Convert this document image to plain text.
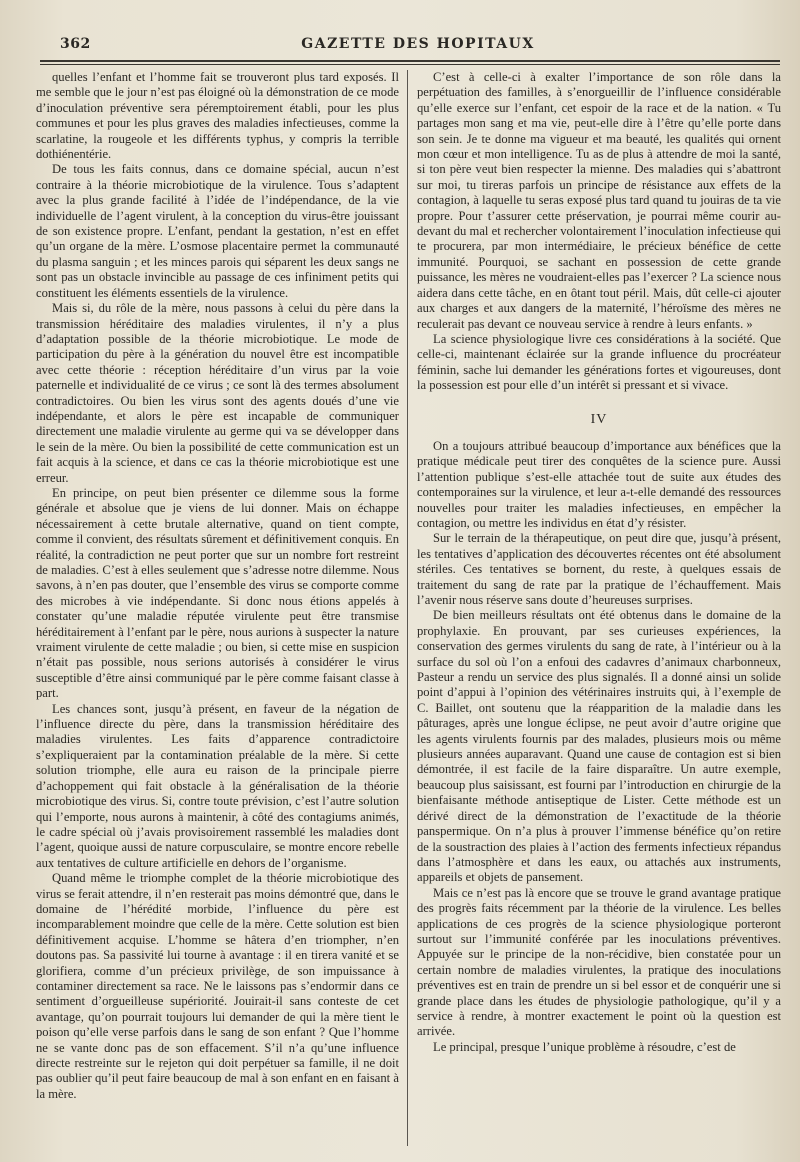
362	GAZETTE DES HOPITAUX

quelles l’enfant et l’homme fait se trouveront plus tard exposés. Il me semble que le jour n’est pas éloigné où la démonstration de ce mode d’inoculation préventive sera péremptoirement établi, pour les plus communes et pour les plus graves des maladies infectieuses, comme la scarlatine, la rougeole et les différents typhus, y compris la terrible dothiénentérie.

De tous les faits connus, dans ce domaine spécial, aucun n’est contraire à la théorie microbiotique de la virulence. Tous s’adaptent avec la plus grande facilité à l’idée de l’indépendance, de la vie individuelle de l’agent virulent, à la conception du virus-être jouissant de son existence propre. L’enfant, pendant la gestation, n’est en effet qu’un organe de la mère. L’osmose placentaire permet la communauté du plasma sanguin ; et les minces parois qui séparent les deux sangs ne sont pas un obstacle invincible au passage de ces infiniment petits qui constituent les éléments essentiels de la virulence.

Mais si, du rôle de la mère, nous passons à celui du père dans la transmission héréditaire des maladies virulentes, il n’y a plus d’adaptation possible de la théorie microbiotique. Le mode de participation du père à la génération du nouvel être est incompatible avec cette théorie : réception héréditaire d’un virus par la voie paternelle et individualité de ce virus ; ce sont là des termes absolument contradictoires. Ou bien les virus sont des agents doués d’une vie indépendante, et alors le père est incapable de communiquer directement une maladie virulente au germe qui va se développer dans le sein de la mère. Ou bien la possibilité de cette communication est un fait acquis à la science, et dans ce cas la théorie microbiotique est une erreur.

En principe, on peut bien présenter ce dilemme sous la forme générale et absolue que je viens de lui donner. Mais on échappe nécessairement à cette brutale alternative, quand on tient compte, comme il convient, des résultats sûrement et définitivement conquis. En réalité, la contradiction ne peut porter que sur un nombre fort restreint de maladies. C’est à elles seulement que s’adresse notre dilemme. Nous savons, à n’en pas douter, que l’ensemble des virus se comporte comme des microbes à vie indépendante. Si donc nous étions appelés à constater qu’une maladie réputée virulente peut être transmise héréditairement à l’enfant par le père, nous aurions à suspecter la nature vraiment virulente de cette maladie ; ou bien, si cette mise en suspicion n’était pas possible, nous serions autorisés à considérer le virus susceptible d’être ainsi communiqué par le père comme faisant classe à part.

Les chances sont, jusqu’à présent, en faveur de la négation de l’influence directe du père, dans la transmission héréditaire des maladies virulentes. Les faits d’apparence contradictoire s’expliqueraient par la contamination préalable de la mère. Si cette solution triomphe, elle aura eu raison de la principale pierre d’achoppement qui fait obstacle à la généralisation de la théorie microbiotique des virus. Si, contre toute prévision, c’est l’autre solution qui l’emporte, nous aurons à maintenir, à côté des contagiums animés, le cadre spécial où j’avais provisoirement rassemblé les maladies dont l’agent, quoique aussi de nature corpusculaire, se montre encore rebelle aux tentatives de culture artificielle en dehors de l’organisme.

Quand même le triomphe complet de la théorie microbiotique des virus se ferait attendre, il n’en resterait pas moins démontré que, dans le domaine de l’hérédité morbide, l’influence du père est incomparablement moindre que celle de la mère. Cette solution est bien définitivement acquise. L’homme se hâtera d’en triompher, n’en doutons pas. Sa passivité lui tourne à avantage : il en tirera vanité et se glorifiera, comme d’un précieux privilège, de son impuissance à contaminer directement sa race. Ne le laissons pas s’endormir dans ce sentiment d’orgueilleuse supériorité. Jouirait-il sans conteste de cet avantage, qu’on pourrait toujours lui demander de qui la mère tient le poison qu’elle verse parfois dans le sang de son enfant ? Que l’homme ne se vante donc pas de son effacement. S’il n’a qu’une influence directe restreinte sur le rejeton qui doit perpétuer sa famille, il ne doit pas oublier qu’il peut faire beaucoup de mal à son enfant en en faisant à la mère.

C’est à celle-ci à exalter l’importance de son rôle dans la perpétuation des familles, à s’enorgueillir de l’influence considérable qu’elle exerce sur l’enfant, cet espoir de la race et de la nation. « Tu partages mon sang et ma vie, peut-elle dire à l’être qu’elle porte dans son sein. Je te donne ma vigueur et ma beauté, les qualités qui ornent mon cœur et mon intelligence. Tu as de plus à attendre de moi la santé, si ton père veut bien respecter la mienne. Des maladies qui s’abattront sur moi, tu tireras parfois un principe de résistance aux effets de la contagion, à laquelle tu seras exposé plus tard quand tu jouiras de ta vie propre. Pour t’assurer cette préservation, je pourrai même courir au-devant du mal et rechercher volontairement l’inoculation infectieuse qui te procurera, par mon intermédiaire, le précieux bénéfice de cette immunité. Pourquoi, se sachant en possession de cette grande puissance, les mères ne voudraient-elles pas l’exercer ? La science nous aidera dans cette tâche, en en ôtant tout péril. Mais, dût celle-ci ajouter aux charges et aux dangers de la maternité, l’héroïsme des mères ne reculerait pas devant ce nouveau service à rendre à leurs enfants. »

La science physiologique livre ces considérations à la société. Que celle-ci, maintenant éclairée sur la grande influence du procréateur féminin, sache lui demander les générations fortes et vigoureuses, dont la possession est pour elle d’un intérêt si pressant et si vivace.

IV

On a toujours attribué beaucoup d’importance aux bénéfices que la pratique médicale peut tirer des conquêtes de la science pure. Aussi l’attention publique s’est-elle attachée tout de suite aux études des contemporaines sur la virulence, et leur a-t-elle demandé des ressources nouvelles pour traiter les maladies infectieuses, en empêcher la contagion, ou mettre les individus en état d’y résister.

Sur le terrain de la thérapeutique, on peut dire que, jusqu’à présent, les tentatives d’application des découvertes récentes ont été absolument stériles. Ces tentatives se bornent, du reste, à quelques essais de traitement du sang de rate par la pratique de l’échauffement. Mais l’avenir nous réserve sans doute d’heureuses surprises.

De bien meilleurs résultats ont été obtenus dans le domaine de la prophylaxie. En prouvant, par ses curieuses expériences, la conservation des germes virulents du sang de rate, à l’intérieur ou à la surface du sol où l’on a enfoui des cadavres d’animaux charbonneux, Pasteur a rendu un service des plus signalés. Il a donné ainsi un solide point d’appui à l’opinion des vétérinaires instruits qui, à l’exemple de C. Baillet, ont soutenu que la réapparition de la maladie dans les pâturages, après une longue éclipse, ne peut avoir d’autre origine que les agents virulents fournis par des malades, plusieurs mois ou même plusieurs années auparavant. Quand une cause de contagion est si bien démontrée, il est facile de la faire disparaître. Un autre exemple, beaucoup plus saisissant, est fourni par l’introduction en chirurgie de la bienfaisante méthode antiseptique de Lister. Cette méthode est un dérivé direct de la démonstration de l’exactitude de la théorie panspermique. On n’a plus à prouver l’immense bénéfice qu’on retire de la soustraction des plaies à l’action des ferments infectieux répandus dans l’atmosphère et dans les eaux, ou attachés aux instruments, appareils et objets de pansement.

Mais ce n’est pas là encore que se trouve le grand avantage pratique des progrès faits récemment par la théorie de la virulence. Les belles applications de ces progrès de la science physiologique porteront surtout sur l’immunité conférée par les inoculations préventives. Appuyée sur le principe de la non-récidive, bien constatée pour un certain nombre de maladies virulentes, la pratique des inoculations préventives est en train de prendre un si bel essor et de conquérir une si grande place dans les études de physiologie pathologique, qu’il y a service à rendre, à montrer exactement le point où la question est arrivée.

Le principal, presque l’unique problème à résoudre, c’est de
